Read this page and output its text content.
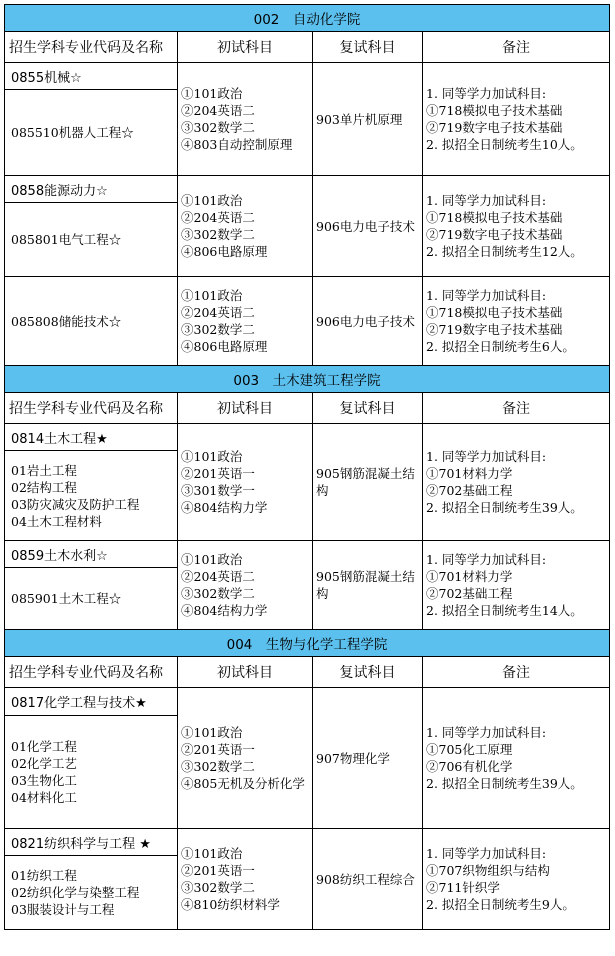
002　自动化学院			
招生学科专业代码及名称	初试科目	复试科目	备注
0855机械☆	①101政治
②204英语二
③302数学二
④803自动控制原理	903单片机原理	1. 同等学力加试科目:
①718模拟电子技术基础
②719数字电子技术基础
2. 拟招全日制统考生10人。

085510机器人工程☆			

0858能源动力☆	①101政治
②204英语二
③302数学二
④806电路原理	906电力电子技术	1. 同等学力加试科目:
①718模拟电子技术基础
②719数字电子技术基础
2. 拟招全日制统考生12人。

085801电气工程☆			

085808储能技术☆	①101政治
②204英语二
③302数学二
④806电路原理	906电力电子技术	1. 同等学力加试科目:
①718模拟电子技术基础
②719数字电子技术基础
2. 拟招全日制统考生6人。

003　土木建筑工程学院			
招生学科专业代码及名称	初试科目	复试科目	备注
0814土木工程★	①101政治
②201英语一
③301数学一
④804结构力学	905钢筋混凝土结构	1. 同等学力加试科目:
①701材料力学
②702基础工程
2. 拟招全日制统考生39人。

01岩土工程
02结构工程
03防灾减灾及防护工程
04土木工程材料			

0859土木水利☆	①101政治
②204英语二
③302数学二
④804结构力学	905钢筋混凝土结构	1. 同等学力加试科目:
①701材料力学
②702基础工程
2. 拟招全日制统考生14人。

085901土木工程☆			

004　生物与化学工程学院			
招生学科专业代码及名称	初试科目	复试科目	备注
0817化学工程与技术★	①101政治
②201英语一
③302数学二
④805无机及分析化学	907物理化学	1. 同等学力加试科目:
①705化工原理
②706有机化学
2. 拟招全日制统考生39人。

01化学工程
02化学工艺
03生物化工
04材料化工			

0821纺织科学与工程 ★	①101政治
②201英语一
③302数学二
④810纺织材料学	908纺织工程综合	1. 同等学力加试科目:
①707织物组织与结构
②711针织学
2. 拟招全日制统考生9人。

01纺织工程
02纺织化学与染整工程
03服装设计与工程			
